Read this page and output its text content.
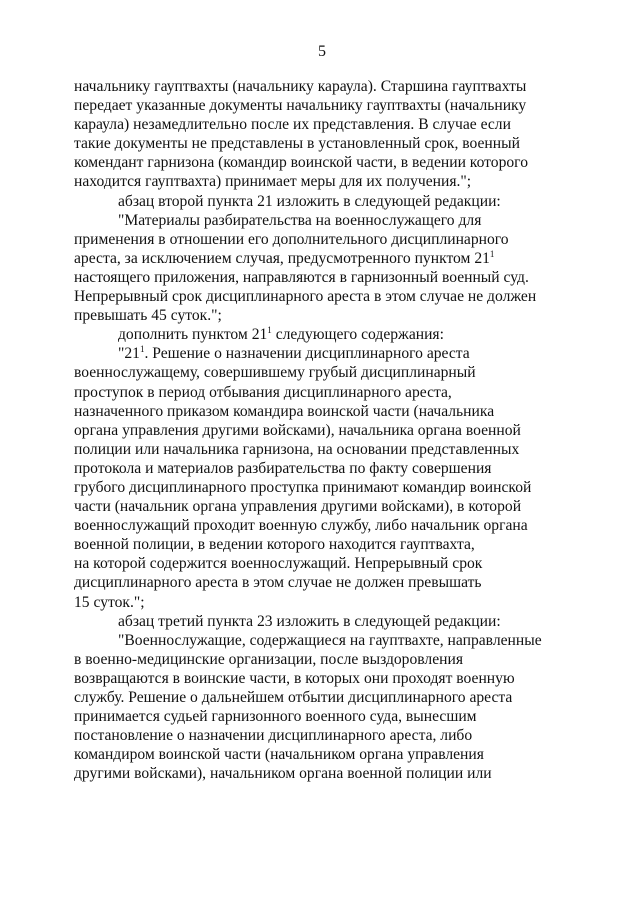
5
начальнику гауптвахты (начальнику караула). Старшина гауптвахты
передает указанные документы начальнику гауптвахты (начальнику
караула) незамедлительно после их представления. В случае если
такие документы не представлены в установленный срок, военный
комендант гарнизона (командир воинской части, в ведении которого
находится гауптвахта) принимает меры для их получения.";
абзац второй пункта 21 изложить в следующей редакции:
"Материалы разбирательства на военнослужащего для
применения в отношении его дополнительного дисциплинарного
ареста, за исключением случая, предусмотренного пунктом $21^1$
настоящего приложения, направляются в гарнизонный военный суд.
Непрерывный срок дисциплинарного ареста в этом случае не должен
превышать 45 суток.";
дополнить пунктом $21^1$ следующего содержания:
"$21^1$. Решение о назначении дисциплинарного ареста
военнослужащему, совершившему грубый дисциплинарный
проступок в период отбывания дисциплинарного ареста,
назначенного приказом командира воинской части (начальника
органа управления другими войсками), начальника органа военной
полиции или начальника гарнизона, на основании представленных
протокола и материалов разбирательства по факту совершения
грубого дисциплинарного проступка принимают командир воинской
части (начальник органа управления другими войсками), в которой
военнослужащий проходит военную службу, либо начальник органа
военной полиции, в ведении которого находится гауптвахта,
на которой содержится военнослужащий. Непрерывный срок
дисциплинарного ареста в этом случае не должен превышать
15 суток.";
абзац третий пункта 23 изложить в следующей редакции:
"Военнослужащие, содержащиеся на гауптвахте, направленные
в военно-медицинские организации, после выздоровления
возвращаются в воинские части, в которых они проходят военную
службу. Решение о дальнейшем отбытии дисциплинарного ареста
принимается судьей гарнизонного военного суда, вынесшим
постановление о назначении дисциплинарного ареста, либо
командиром воинской части (начальником органа управления
другими войсками), начальником органа военной полиции или
